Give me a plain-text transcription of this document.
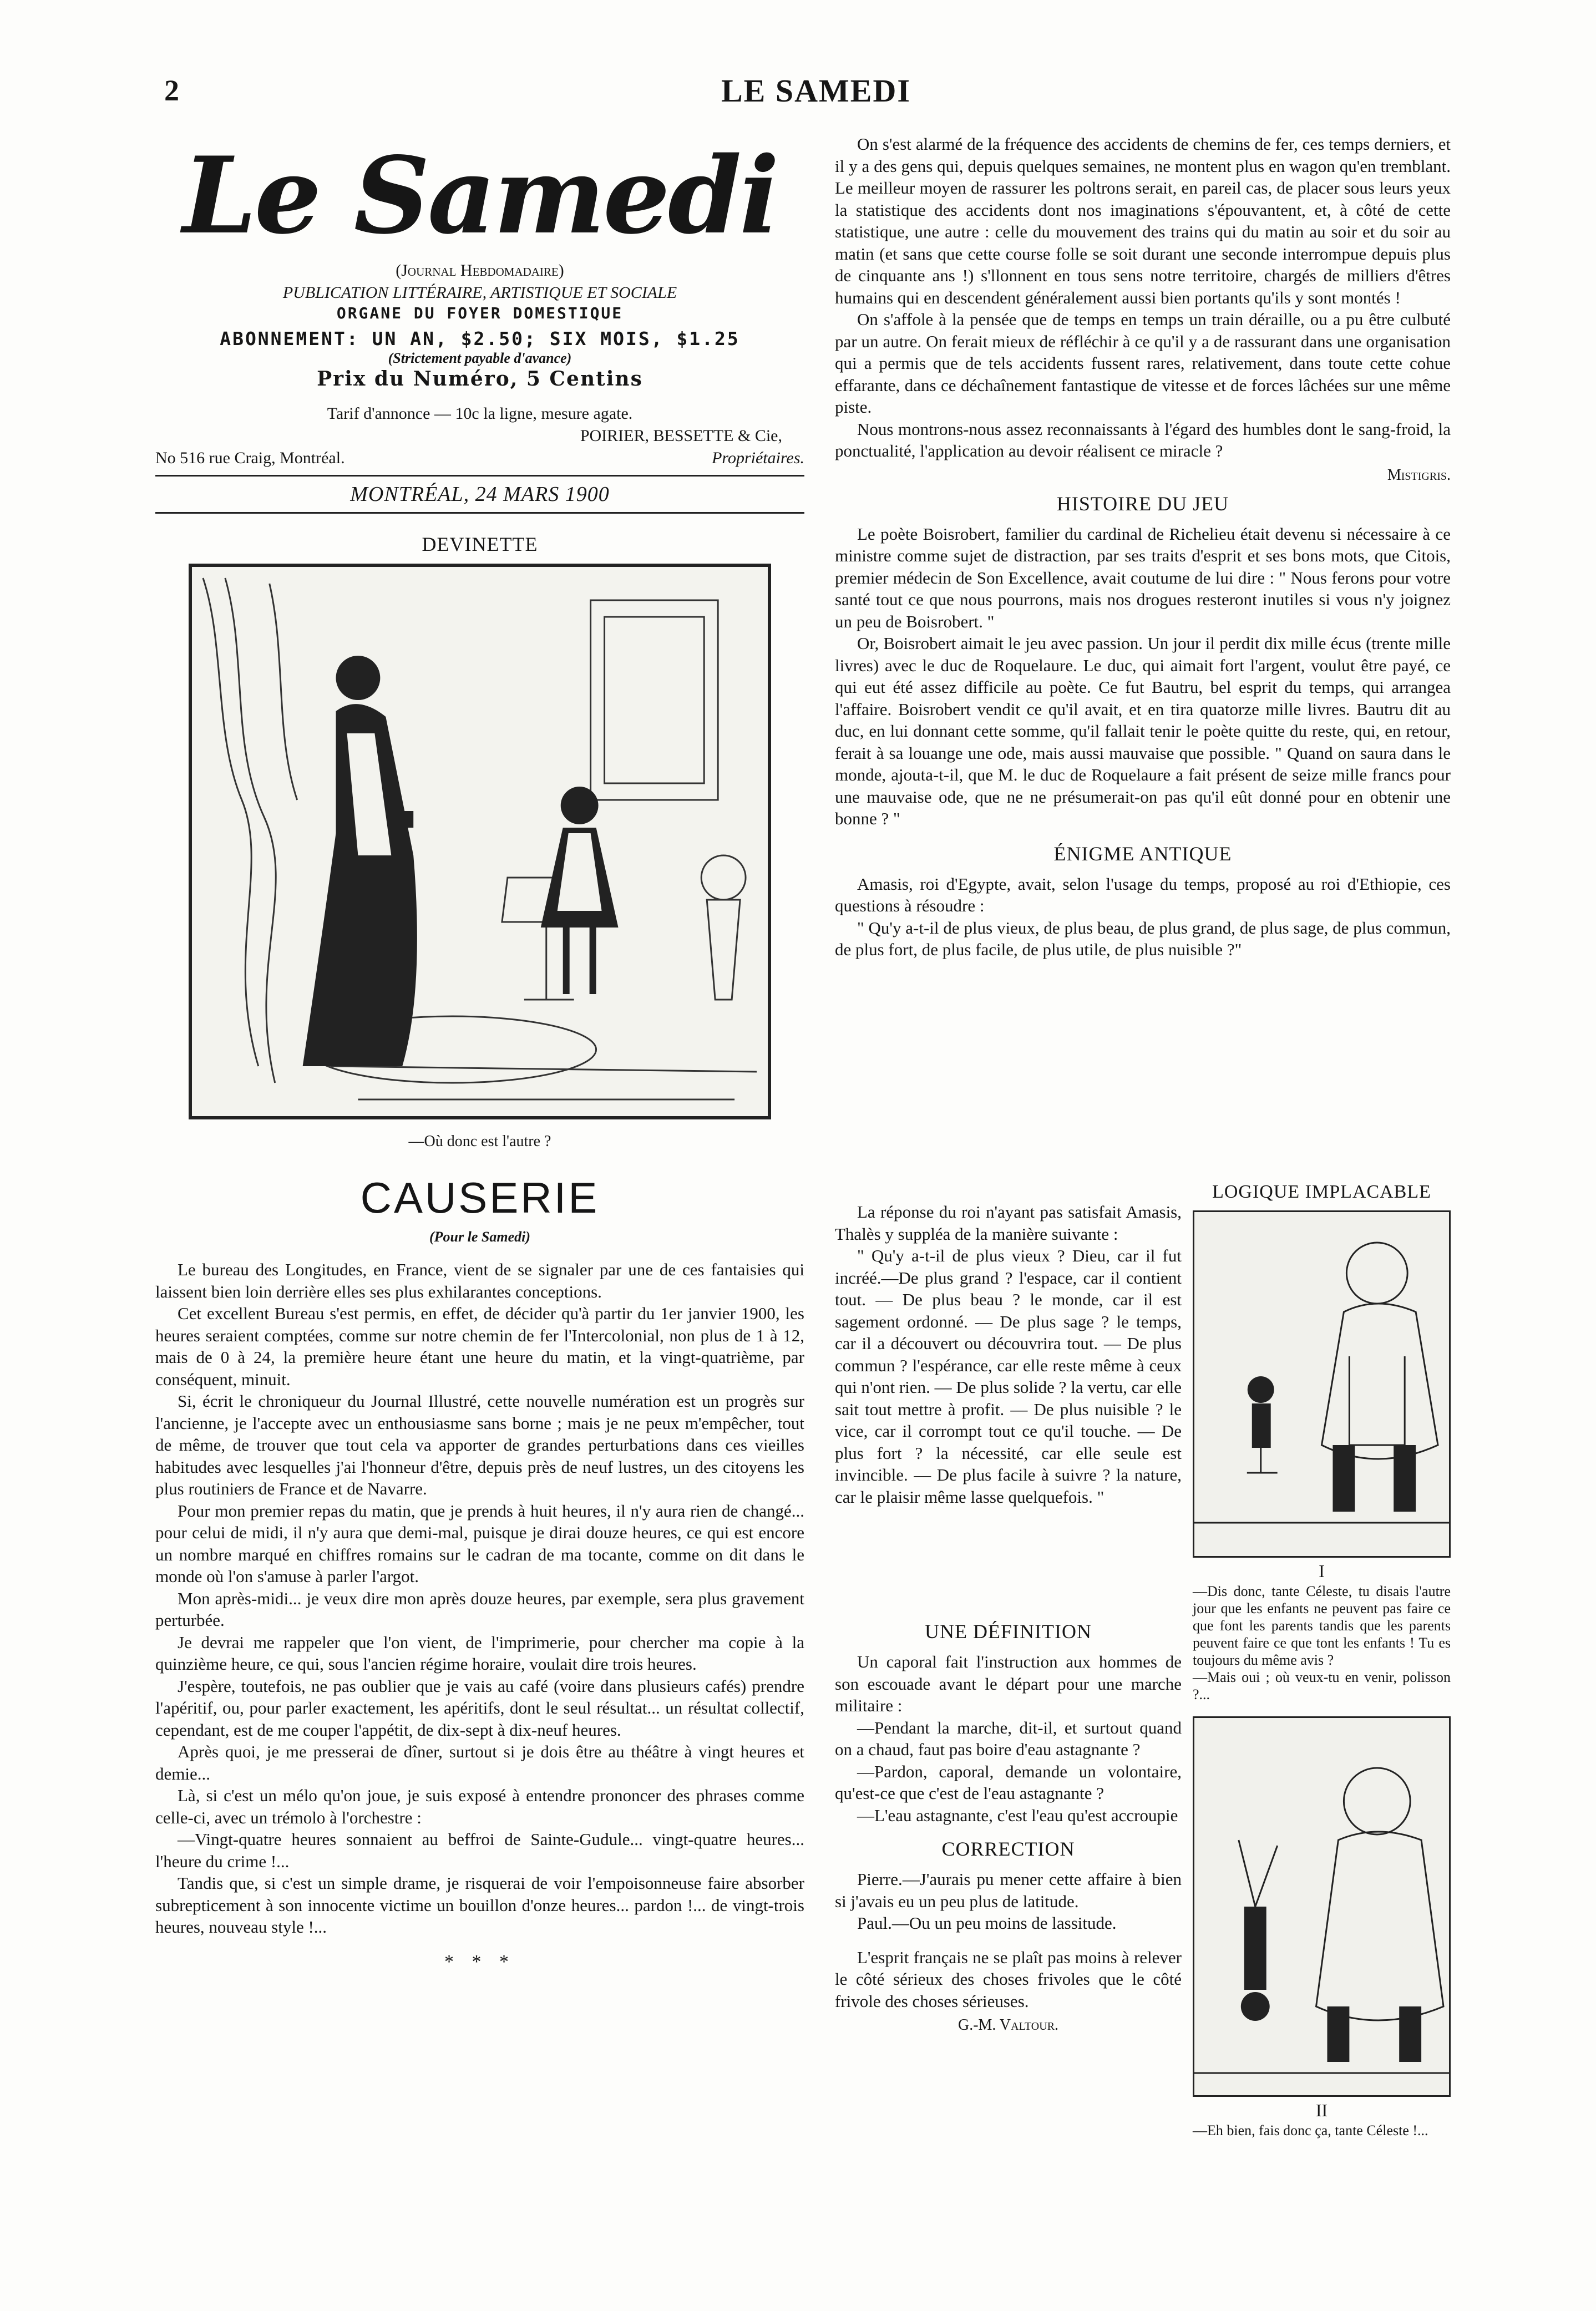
2	LE SAMEDI
Le Samedi
(Journal Hebdomadaire)
PUBLICATION LITTÉRAIRE, ARTISTIQUE ET SOCIALE
ORGANE DU FOYER DOMESTIQUE
ABONNEMENT: UN AN, $2.50; SIX MOIS, $1.25
(Strictement payable d'avance)
Prix du Numéro, 5 Centins
Tarif d'annonce — 10c la ligne, mesure agate.
POIRIER, BESSETTE & Cie,
No 516 rue Craig, Montréal.	Propriétaires.
MONTRÉAL, 24 MARS 1900
DEVINETTE
—Où donc est l'autre ?
CAUSERIE
(Pour le Samedi)

Le bureau des Longitudes, en France, vient de se signaler par une de ces fantaisies qui laissent bien loin derrière elles ses plus exhilarantes conceptions.

Cet excellent Bureau s'est permis, en effet, de décider qu'à partir du 1er janvier 1900, les heures seraient comptées, comme sur notre chemin de fer l'Intercolonial, non plus de 1 à 12, mais de 0 à 24, la première heure étant une heure du matin, et la vingt-quatrième, par conséquent, minuit.

Si, écrit le chroniqueur du Journal Illustré, cette nouvelle numération est un progrès sur l'ancienne, je l'accepte avec un enthousiasme sans borne ; mais je ne peux m'empêcher, tout de même, de trouver que tout cela va apporter de grandes perturbations dans ces vieilles habitudes avec lesquelles j'ai l'honneur d'être, depuis près de neuf lustres, un des citoyens les plus routiniers de France et de Navarre.

Pour mon premier repas du matin, que je prends à huit heures, il n'y aura rien de changé... pour celui de midi, il n'y aura que demi-mal, puisque je dirai douze heures, ce qui est encore un nombre marqué en chiffres romains sur le cadran de ma tocante, comme on dit dans le monde où l'on s'amuse à parler l'argot.

Mon après-midi... je veux dire mon après douze heures, par exemple, sera plus gravement perturbée.

Je devrai me rappeler que l'on vient, de l'imprimerie, pour chercher ma copie à la quinzième heure, ce qui, sous l'ancien régime horaire, voulait dire trois heures.

J'espère, toutefois, ne pas oublier que je vais au café (voire dans plusieurs cafés) prendre l'apéritif, ou, pour parler exactement, les apéritifs, dont le seul résultat... un résultat collectif, cependant, est de me couper l'appétit, de dix-sept à dix-neuf heures.

Après quoi, je me presserai de dîner, surtout si je dois être au théâtre à vingt heures et demie...

Là, si c'est un mélo qu'on joue, je suis exposé à entendre prononcer des phrases comme celle-ci, avec un trémolo à l'orchestre :

—Vingt-quatre heures sonnaient au beffroi de Sainte-Gudule... vingt-quatre heures... l'heure du crime !...

Tandis que, si c'est un simple drame, je risquerai de voir l'empoisonneuse faire absorber subrepticement à son innocente victime un bouillon d'onze heures... pardon !... de vingt-trois heures, nouveau style !...

* * *

On s'est alarmé de la fréquence des accidents de chemins de fer, ces temps derniers, et il y a des gens qui, depuis quelques semaines, ne montent plus en wagon qu'en tremblant. Le meilleur moyen de rassurer les poltrons serait, en pareil cas, de placer sous leurs yeux la statistique des accidents dont nos imaginations s'épouvantent, et, à côté de cette statistique, une autre : celle du mouvement des trains qui du matin au soir et du soir au matin (et sans que cette course folle se soit durant une seconde interrompue depuis plus de cinquante ans !) s'llonnent en tous sens notre territoire, chargés de milliers d'êtres humains qui en descendent généralement aussi bien portants qu'ils y sont montés !

On s'affole à la pensée que de temps en temps un train déraille, ou a pu être culbuté par un autre. On ferait mieux de réfléchir à ce qu'il y a de rassurant dans une organisation qui a permis que de tels accidents fussent rares, relativement, dans toute cette cohue effarante, dans ce déchaînement fantastique de vitesse et de forces lâchées sur une même piste.

Nous montrons-nous assez reconnaissants à l'égard des humbles dont le sang-froid, la ponctualité, l'application au devoir réalisent ce miracle ?

Mistigris.
HISTOIRE DU JEU

Le poète Boisrobert, familier du cardinal de Richelieu était devenu si nécessaire à ce ministre comme sujet de distraction, par ses traits d'esprit et ses bons mots, que Citois, premier médecin de Son Excellence, avait coutume de lui dire : " Nous ferons pour votre santé tout ce que nous pourrons, mais nos drogues resteront inutiles si vous n'y joignez un peu de Boisrobert. "

Or, Boisrobert aimait le jeu avec passion. Un jour il perdit dix mille écus (trente mille livres) avec le duc de Roquelaure. Le duc, qui aimait fort l'argent, voulut être payé, ce qui eut été assez difficile au poète. Ce fut Bautru, bel esprit du temps, qui arrangea l'affaire. Boisrobert vendit ce qu'il avait, et en tira quatorze mille livres. Bautru dit au duc, en lui donnant cette somme, qu'il fallait tenir le poète quitte du reste, qui, en retour, ferait à sa louange une ode, mais aussi mauvaise que possible. " Quand on saura dans le monde, ajouta-t-il, que M. le duc de Roquelaure a fait présent de seize mille francs pour une mauvaise ode, que ne ne présumerait-on pas qu'il eût donné pour en obtenir une bonne ? "

ÉNIGME ANTIQUE

Amasis, roi d'Egypte, avait, selon l'usage du temps, proposé au roi d'Ethiopie, ces questions à résoudre :

" Qu'y a-t-il de plus vieux, de plus beau, de plus grand, de plus sage, de plus commun, de plus fort, de plus facile, de plus utile, de plus nuisible ?"

La réponse du roi n'ayant pas satisfait Amasis, Thalès y suppléa de la manière suivante :

" Qu'y a-t-il de plus vieux ? Dieu, car il fut incréé.—De plus grand ? l'espace, car il contient tout. — De plus beau ? le monde, car il est sagement ordonné. — De plus sage ? le temps, car il a découvert ou découvrira tout. — De plus commun ? l'espérance, car elle reste même à ceux qui n'ont rien. — De plus solide ? la vertu, car elle sait tout mettre à profit. — De plus nuisible ? le vice, car il corrompt tout ce qu'il touche. — De plus fort ? la nécessité, car elle seule est invincible. — De plus facile à suivre ? la nature, car le plaisir même lasse quelquefois. "

UNE DÉFINITION

Un caporal fait l'instruction aux hommes de son escouade avant le départ pour une marche militaire :

—Pendant la marche, dit-il, et surtout quand on a chaud, faut pas boire d'eau astagnante ?

—Pardon, caporal, demande un volontaire, qu'est-ce que c'est de l'eau astagnante ?

—L'eau astagnante, c'est l'eau qu'est accroupie

CORRECTION

Pierre.—J'aurais pu mener cette affaire à bien si j'avais eu un peu plus de latitude.

Paul.—Ou un peu moins de lassitude.

L'esprit français ne se plaît pas moins à relever le côté sérieux des choses frivoles que le côté frivole des choses sérieuses.

G.-M. Valtour.
LOGIQUE IMPLACABLE
I
—Dis donc, tante Céleste, tu disais l'autre jour que les enfants ne peuvent pas faire ce que font les parents tandis que les parents peuvent faire ce que tont les enfants ! Tu es toujours du même avis ?
—Mais oui ; où veux-tu en venir, polisson ?...
II
—Eh bien, fais donc ça, tante Céleste !...
